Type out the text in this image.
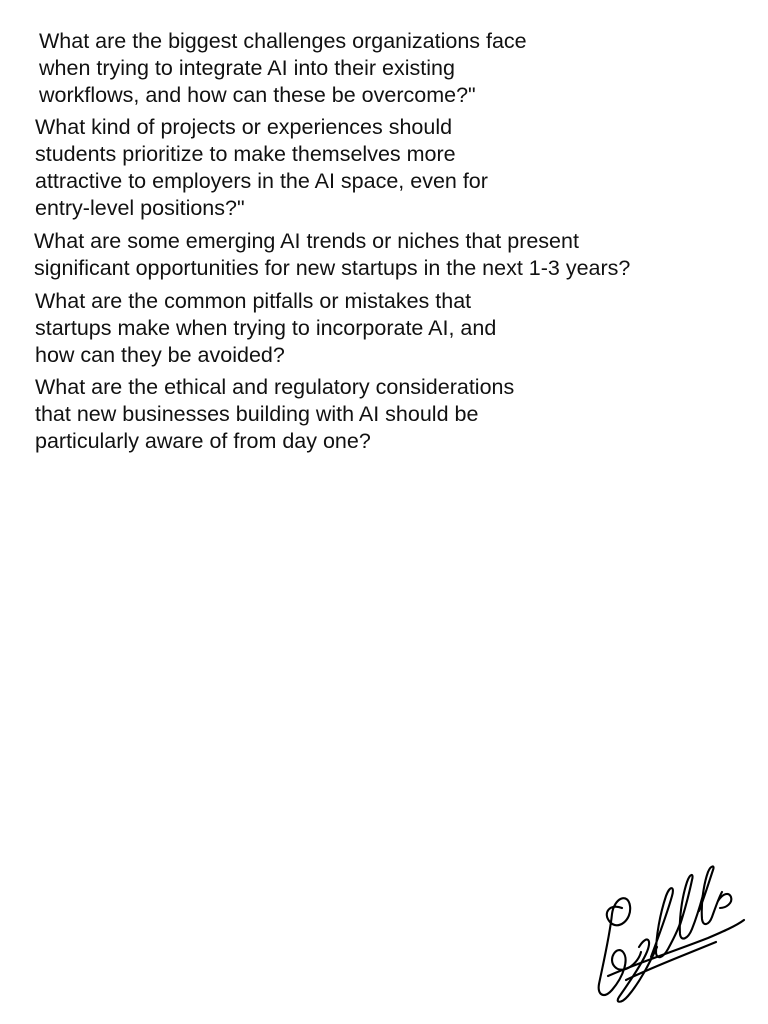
What are the biggest challenges organizations face
when trying to integrate AI into their existing
workflows, and how can these be overcome?"

What kind of projects or experiences should
students prioritize to make themselves more
attractive to employers in the AI space, even for
entry-level positions?"

What are some emerging AI trends or niches that present
significant opportunities for new startups in the next 1-3 years?

What are the common pitfalls or mistakes that
startups make when trying to incorporate AI, and
how can they be avoided?

What are the ethical and regulatory considerations
that new businesses building with AI should be
particularly aware of from day one?
